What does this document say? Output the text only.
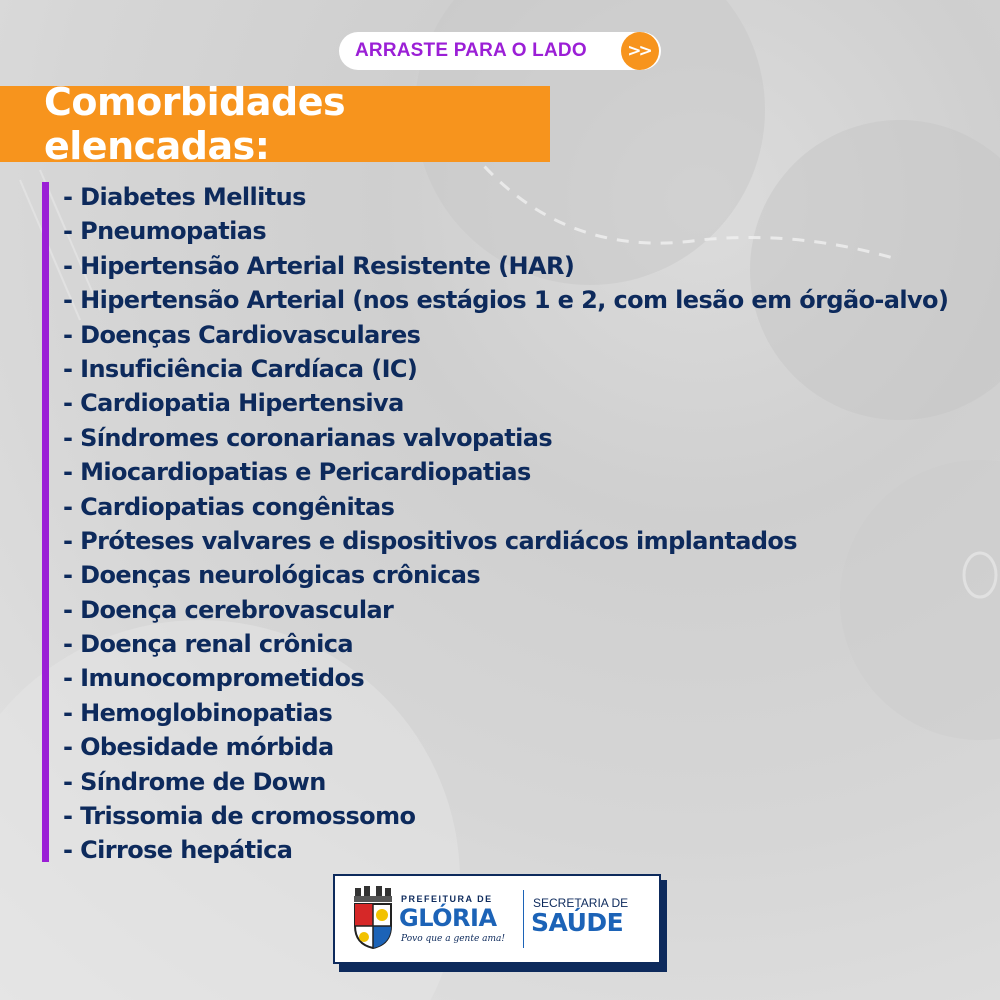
ARRASTE PARA O LADO	>>
Comorbidades elencadas:
- Diabetes Mellitus
- Pneumopatias
- Hipertensão Arterial Resistente (HAR)
- Hipertensão Arterial (nos estágios 1 e 2, com lesão em órgão-alvo)
- Doenças Cardiovasculares
- Insuficiência Cardíaca (IC)
- Cardiopatia Hipertensiva
- Síndromes coronarianas valvopatias
- Miocardiopatias e Pericardiopatias
- Cardiopatias congênitas
- Próteses valvares e dispositivos cardiácos implantados
- Doenças neurológicas crônicas
- Doença cerebrovascular
- Doença renal crônica
- Imunocomprometidos
- Hemoglobinopatias
- Obesidade mórbida
- Síndrome de Down
- Trissomia de cromossomo
- Cirrose hepática
PREFEITURA DE
GLÓRIA
Povo que a gente ama!
SECRETARIA DE
SAÚDE
